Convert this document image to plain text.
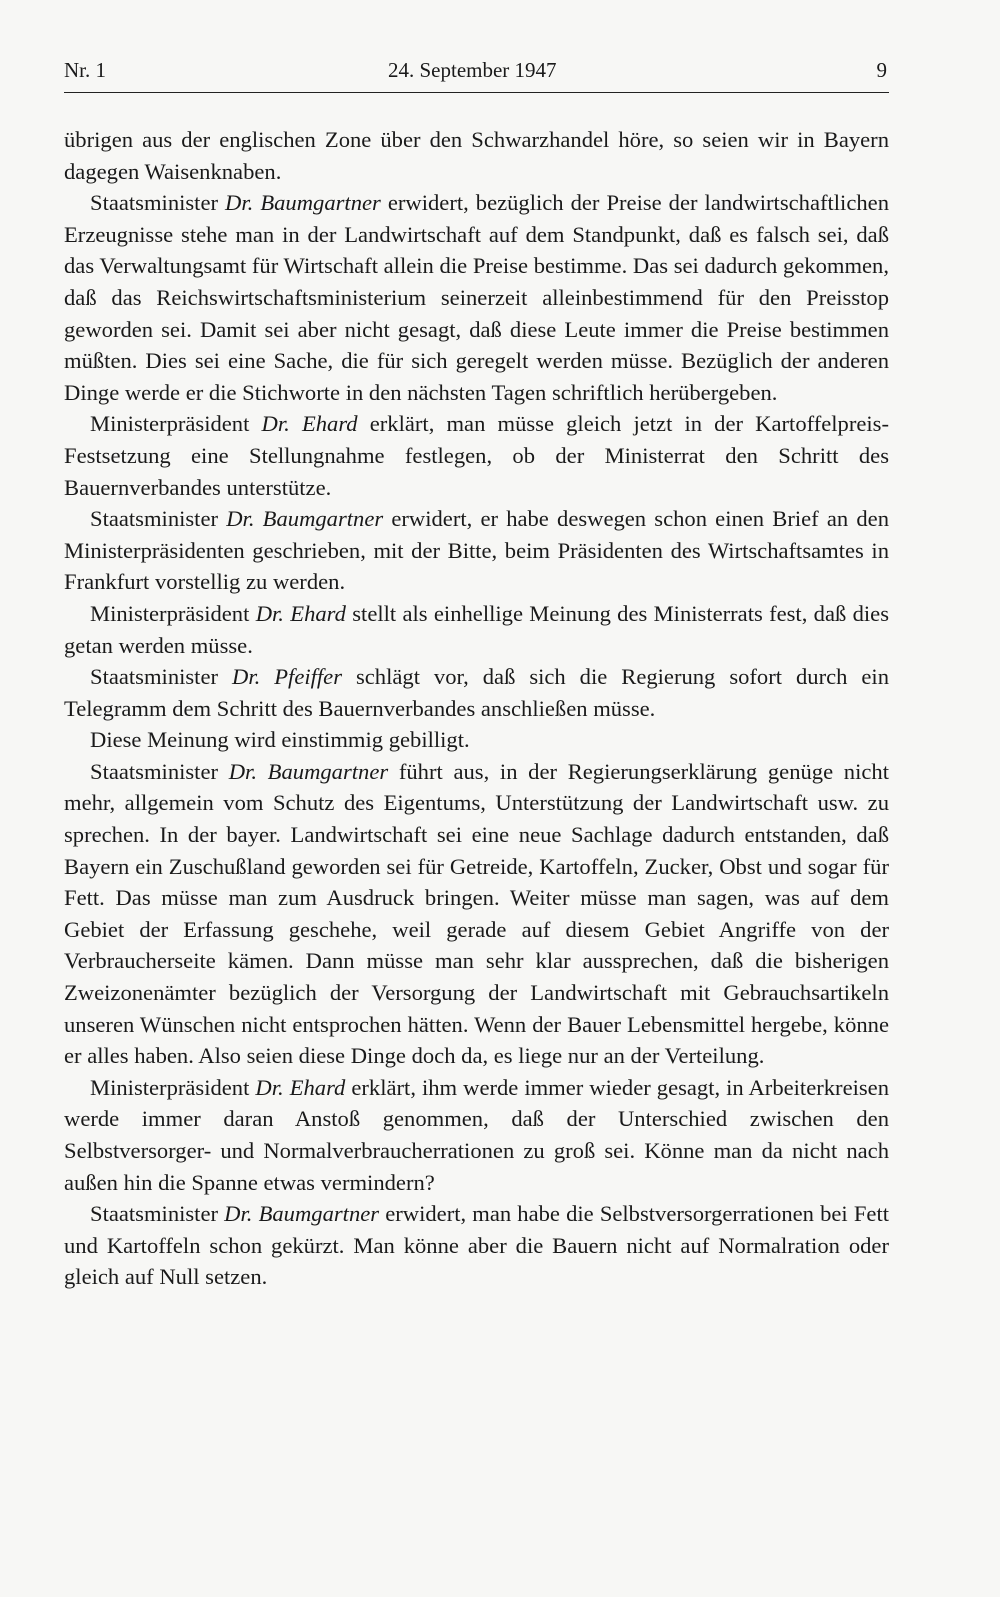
Nr. 1	24. September 1947	9

übrigen aus der englischen Zone über den Schwarzhandel höre, so seien wir in Bayern dagegen Waisenknaben.

Staatsminister Dr. Baumgartner erwidert, bezüglich der Preise der landwirtschaftlichen Erzeugnisse stehe man in der Landwirtschaft auf dem Standpunkt, daß es falsch sei, daß das Verwaltungsamt für Wirtschaft allein die Preise bestimme. Das sei dadurch gekommen, daß das Reichswirtschaftsministerium seinerzeit alleinbestimmend für den Preisstop geworden sei. Damit sei aber nicht gesagt, daß diese Leute immer die Preise bestimmen müßten. Dies sei eine Sache, die für sich geregelt werden müsse. Bezüglich der anderen Dinge werde er die Stichworte in den nächsten Tagen schriftlich herübergeben.

Ministerpräsident Dr. Ehard erklärt, man müsse gleich jetzt in der Kartoffelpreis-Festsetzung eine Stellungnahme festlegen, ob der Ministerrat den Schritt des Bauernverbandes unterstütze.

Staatsminister Dr. Baumgartner erwidert, er habe deswegen schon einen Brief an den Ministerpräsidenten geschrieben, mit der Bitte, beim Präsidenten des Wirtschaftsamtes in Frankfurt vorstellig zu werden.

Ministerpräsident Dr. Ehard stellt als einhellige Meinung des Ministerrats fest, daß dies getan werden müsse.

Staatsminister Dr. Pfeiffer schlägt vor, daß sich die Regierung sofort durch ein Telegramm dem Schritt des Bauernverbandes anschließen müsse.

Diese Meinung wird einstimmig gebilligt.

Staatsminister Dr. Baumgartner führt aus, in der Regierungserklärung genüge nicht mehr, allgemein vom Schutz des Eigentums, Unterstützung der Landwirtschaft usw. zu sprechen. In der bayer. Landwirtschaft sei eine neue Sachlage dadurch entstanden, daß Bayern ein Zuschußland geworden sei für Getreide, Kartoffeln, Zucker, Obst und sogar für Fett. Das müsse man zum Ausdruck bringen. Weiter müsse man sagen, was auf dem Gebiet der Erfassung geschehe, weil gerade auf diesem Gebiet Angriffe von der Verbraucherseite kämen. Dann müsse man sehr klar aussprechen, daß die bisherigen Zweizonenämter bezüglich der Versorgung der Landwirtschaft mit Gebrauchsartikeln unseren Wünschen nicht entsprochen hätten. Wenn der Bauer Lebensmittel hergebe, könne er alles haben. Also seien diese Dinge doch da, es liege nur an der Verteilung.

Ministerpräsident Dr. Ehard erklärt, ihm werde immer wieder gesagt, in Arbeiterkreisen werde immer daran Anstoß genommen, daß der Unterschied zwischen den Selbstversorger- und Normalverbraucherrationen zu groß sei. Könne man da nicht nach außen hin die Spanne etwas vermindern?

Staatsminister Dr. Baumgartner erwidert, man habe die Selbstversorgerrationen bei Fett und Kartoffeln schon gekürzt. Man könne aber die Bauern nicht auf Normalration oder gleich auf Null setzen.
